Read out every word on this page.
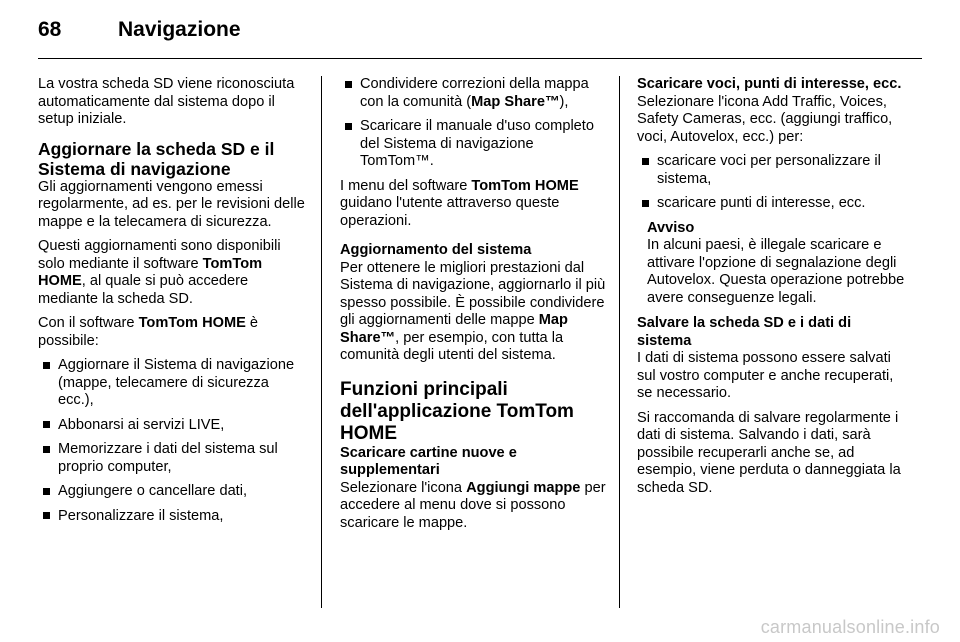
68	Navigazione

La vostra scheda SD viene riconosciuta automaticamente dal sistema dopo il setup iniziale.

Aggiornare la scheda SD e il Sistema di navigazione

Gli aggiornamenti vengono emessi regolarmente, ad es. per le revisioni delle mappe e la telecamera di sicurezza.

Questi aggiornamenti sono disponibili solo mediante il software TomTom HOME, al quale si può accedere mediante la scheda SD.

Con il software TomTom HOME è possibile:

Aggiornare il Sistema di navigazione (mappe, telecamere di sicurezza ecc.),
Abbonarsi ai servizi LIVE,
Memorizzare i dati del sistema sul proprio computer,
Aggiungere o cancellare dati,
Personalizzare il sistema,
Condividere correzioni della mappa con la comunità (Map Share™),
Scaricare il manuale d'uso completo del Sistema di navigazione TomTom™.

I menu del software TomTom HOME guidano l'utente attraverso queste operazioni.

Aggiornamento del sistema

Per ottenere le migliori prestazioni dal Sistema di navigazione, aggiornarlo il più spesso possibile. È possibile condividere gli aggiornamenti delle mappe Map Share™, per esempio, con tutta la comunità degli utenti del sistema.

Funzioni principali dell'applicazione TomTom HOME
Scaricare cartine nuove e supplementari

Selezionare l'icona Aggiungi mappe per accedere al menu dove si possono scaricare le mappe.

Scaricare voci, punti di interesse, ecc.

Selezionare l'icona Add Traffic, Voices, Safety Cameras, ecc. (aggiungi traffico, voci, Autovelox, ecc.) per:

scaricare voci per personalizzare il sistema,
scaricare punti di interesse, ecc.
Avviso
In alcuni paesi, è illegale scaricare e attivare l'opzione di segnalazione degli Autovelox. Questa operazione potrebbe avere conseguenze legali.
Salvare la scheda SD e i dati di sistema

I dati di sistema possono essere salvati sul vostro computer e anche recuperati, se necessario.

Si raccomanda di salvare regolarmente i dati di sistema. Salvando i dati, sarà possibile recuperarli anche se, ad esempio, viene perduta o danneggiata la scheda SD.

carmanualsonline.info
